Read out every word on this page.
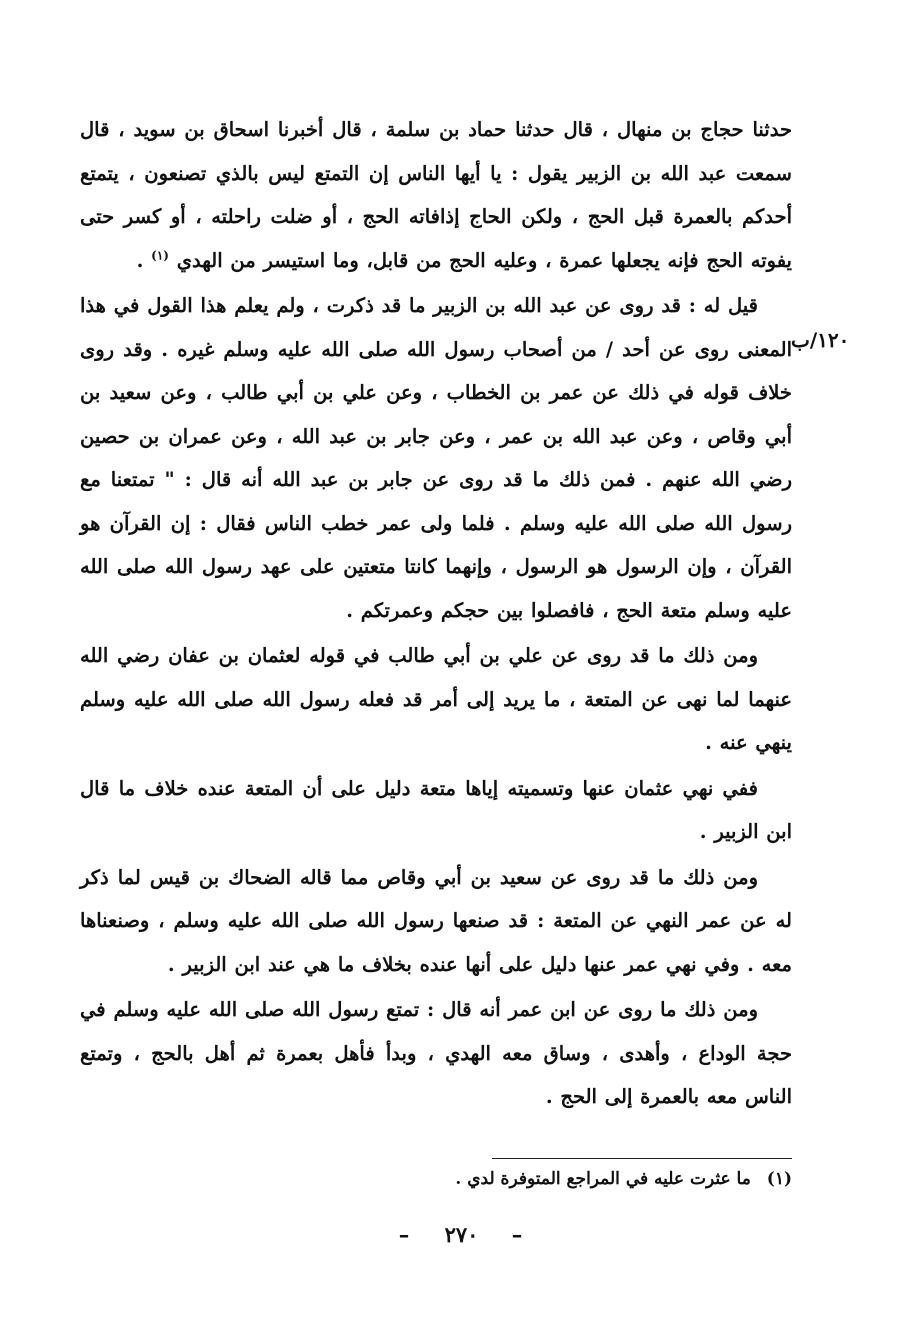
حدثنا حجاج بن منهال ، قال حدثنا حماد بن سلمة ، قال أخبرنا اسحاق بن سويد ، قال سمعت عبد الله بن الزبير يقول : يا أيها الناس إن التمتع ليس بالذي تصنعون ، يتمتع أحدكم بالعمرة قبل الحج ، ولكن الحاج إذافاته الحج ، أو ضلت راحلته ، أو كسر حتى يفوته الحج فإنه يجعلها عمرة ، وعليه الحج من قابل، وما استيسر من الهدي $^{(١)}$ .

قيل له : قد روى عن عبد الله بن الزبير ما قد ذكرت ، ولم يعلم هذا القول في هذا المعنى روى عن أحد / من أصحاب رسول الله صلى الله عليه وسلم غيره . وقد روى خلاف قوله في ذلك عن عمر بن الخطاب ، وعن علي بن أبي طالب ، وعن سعيد بن أبي وقاص ، وعن عبد الله بن عمر ، وعن جابر بن عبد الله ، وعن عمران بن حصين رضي الله عنهم . فمن ذلك ما قد روى عن جابر بن عبد الله أنه قال : " تمتعنا مع رسول الله صلى الله عليه وسلم . فلما ولى عمر خطب الناس فقال : إن القرآن هو القرآن ، وإن الرسول هو الرسول ، وإنهما كانتا متعتين على عهد رسول الله صلى الله عليه وسلم متعة الحج ، فافصلوا بين حجكم وعمرتكم .

ومن ذلك ما قد روى عن علي بن أبي طالب في قوله لعثمان بن عفان رضي الله عنهما لما نهى عن المتعة ، ما يريد إلى أمر قد فعله رسول الله صلى الله عليه وسلم ينهي عنه .

ففي نهي عثمان عنها وتسميته إياها متعة دليل على أن المتعة عنده خلاف ما قال ابن الزبير .

ومن ذلك ما قد روى عن سعيد بن أبي وقاص مما قاله الضحاك بن قيس لما ذكر له عن عمر النهي عن المتعة : قد صنعها رسول الله صلى الله عليه وسلم ، وصنعناها معه . وفي نهي عمر عنها دليل على أنها عنده بخلاف ما هي عند ابن الزبير .

ومن ذلك ما روى عن ابن عمر أنه قال : تمتع رسول الله صلى الله عليه وسلم في حجة الوداع ، وأهدى ، وساق معه الهدي ، وبدأ فأهل بعمرة ثم أهل بالحج ، وتمتع الناس معه بالعمرة إلى الحج .

١٢٠/ب
(١) ما عثرت عليه في المراجع المتوفرة لدي .
– ٢٧٠ –
